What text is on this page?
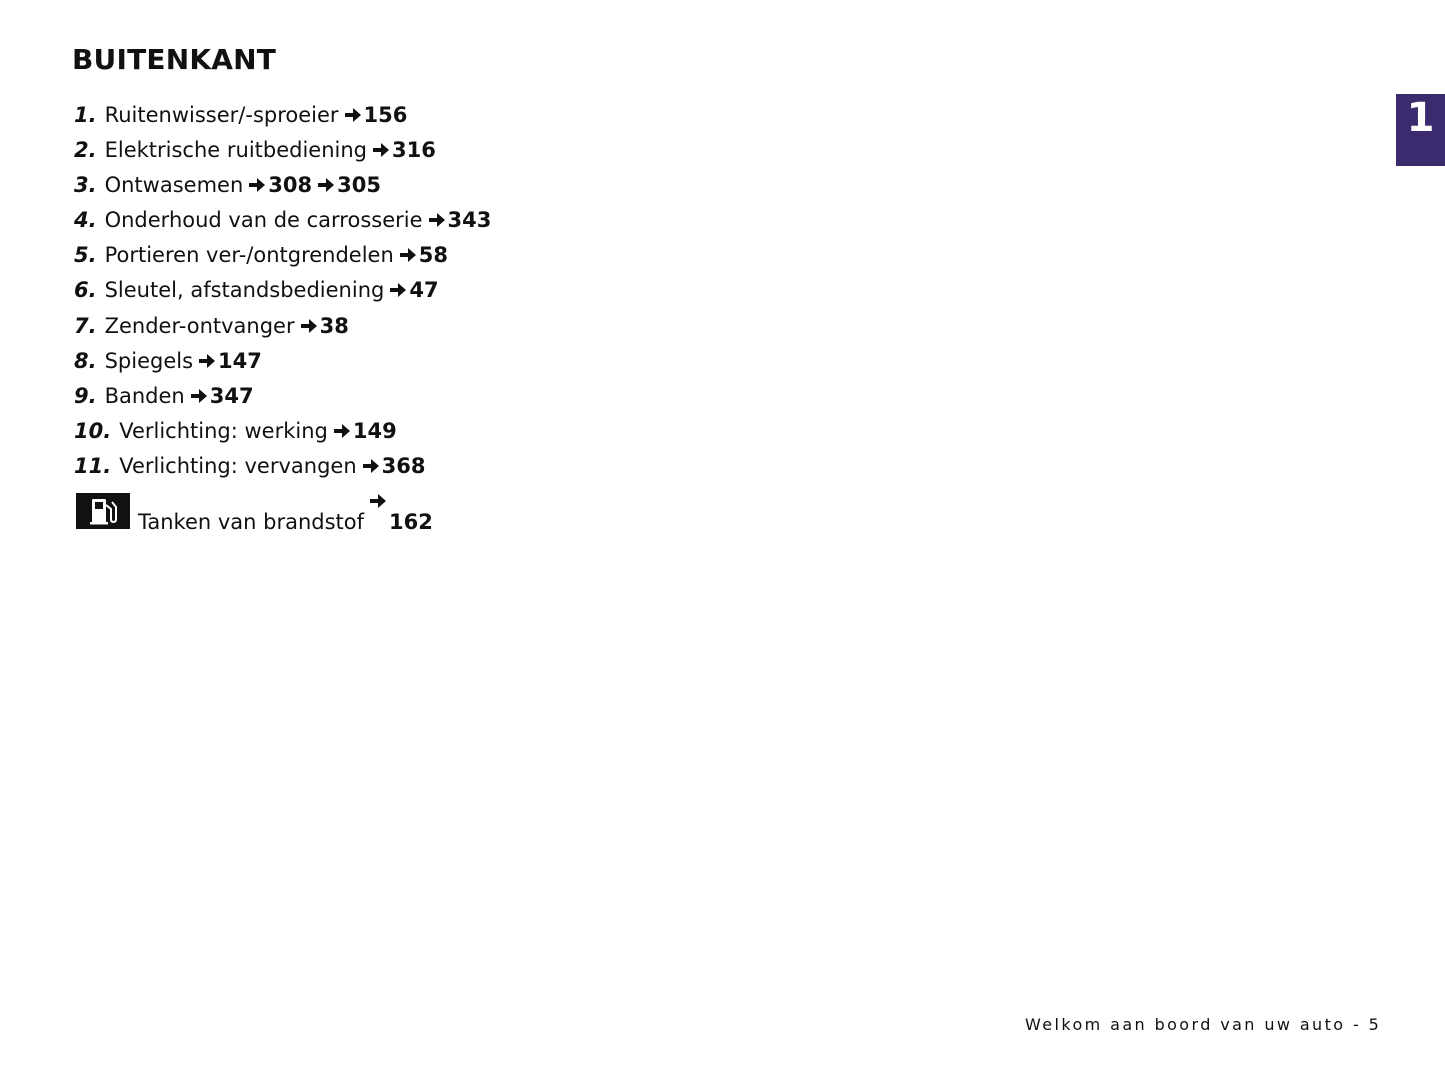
BUITENKANT
1
1. Ruitenwisser/-sproeier 156
2. Elektrische ruitbediening 316
3. Ontwasemen 308 305
4. Onderhoud van de carrosserie 343
5. Portieren ver-/ontgrendelen 58
6. Sleutel, afstandsbediening 47
7. Zender-ontvanger 38
8. Spiegels 147
9. Banden 347
10. Verlichting: werking 149
11. Verlichting: vervangen 368
Tanken van brandstof 162
Welkom aan boord van uw auto - 5
